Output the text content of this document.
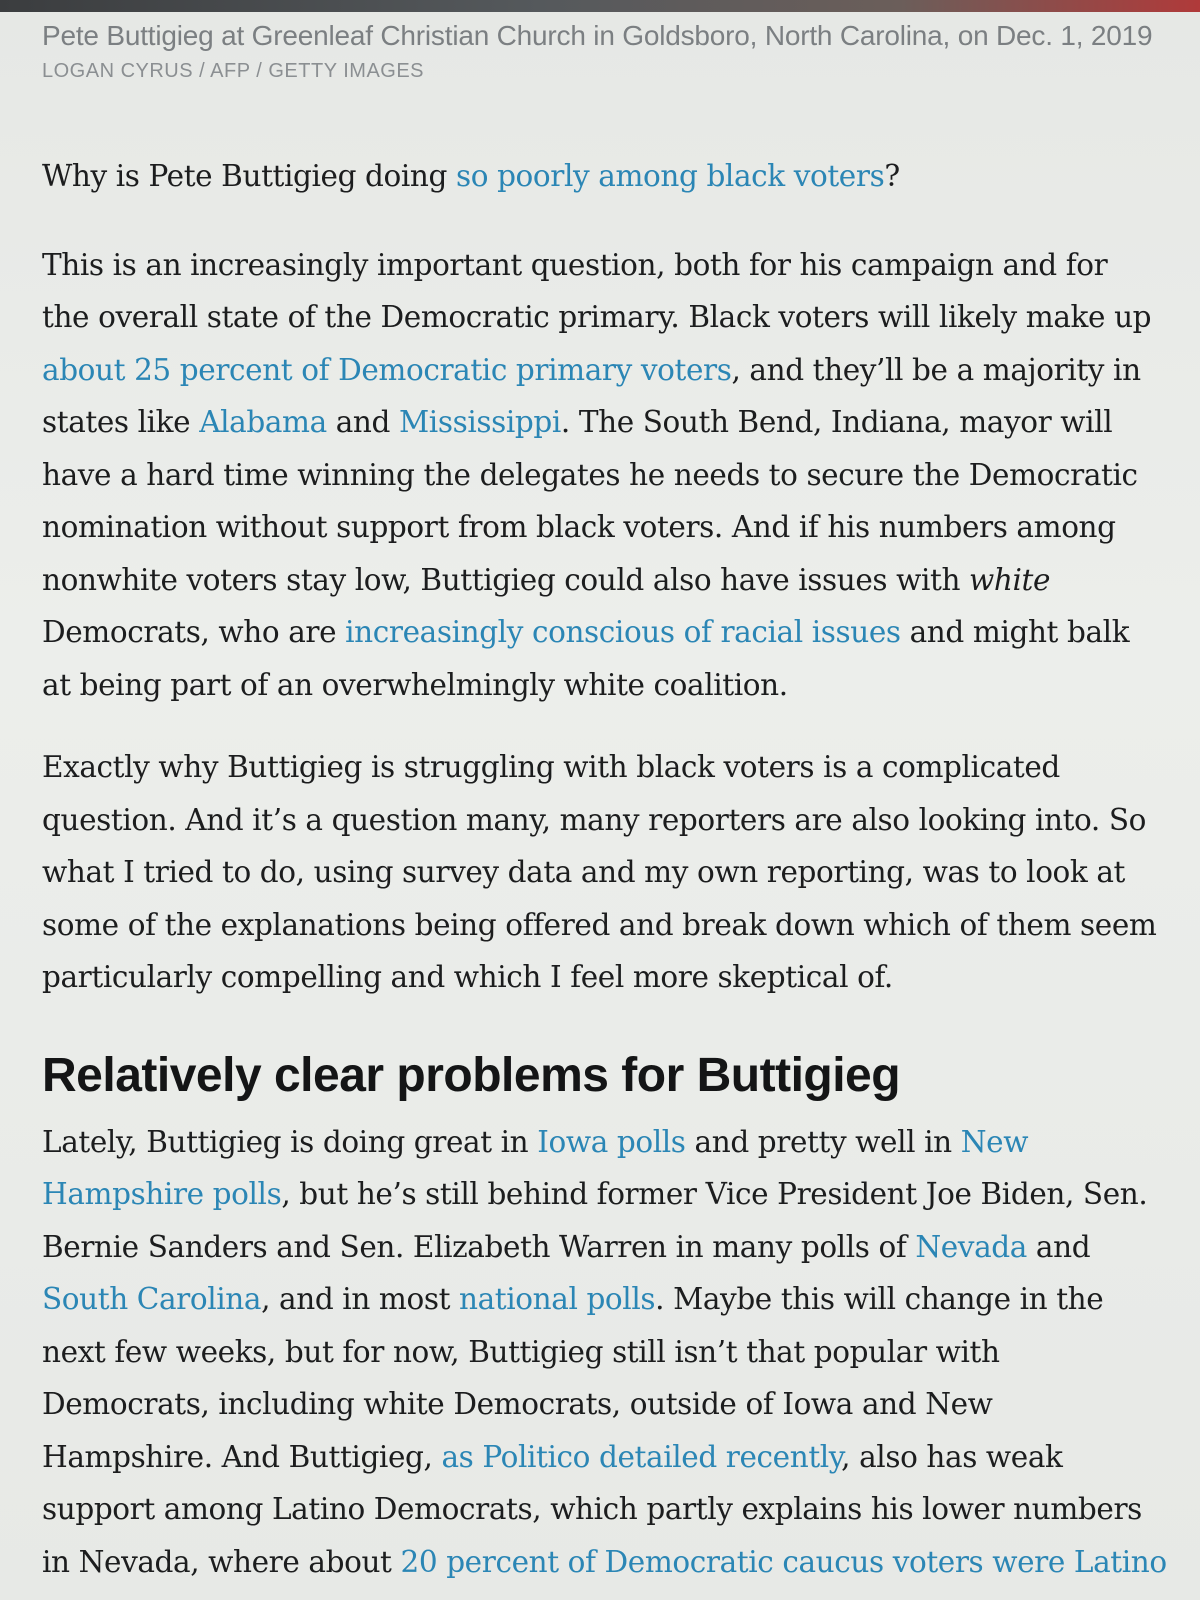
Pete Buttigieg at Greenleaf Christian Church in Goldsboro, North Carolina, on Dec. 1, 2019
LOGAN CYRUS / AFP / GETTY IMAGES

Why is Pete Buttigieg doing so poorly among black voters?

This is an increasingly important question, both for his campaign and for

the overall state of the Democratic primary. Black voters will likely make up

about 25 percent of Democratic primary voters, and they’ll be a majority in

states like Alabama and Mississippi. The South Bend, Indiana, mayor will

have a hard time winning the delegates he needs to secure the Democratic

nomination without support from black voters. And if his numbers among

nonwhite voters stay low, Buttigieg could also have issues with white

Democrats, who are increasingly conscious of racial issues and might balk

at being part of an overwhelmingly white coalition.

Exactly why Buttigieg is struggling with black voters is a complicated

question. And it’s a question many, many reporters are also looking into. So

what I tried to do, using survey data and my own reporting, was to look at

some of the explanations being offered and break down which of them seem

particularly compelling and which I feel more skeptical of.

Relatively clear problems for Buttigieg

Lately, Buttigieg is doing great in Iowa polls and pretty well in New

Hampshire polls, but he’s still behind former Vice President Joe Biden, Sen.

Bernie Sanders and Sen. Elizabeth Warren in many polls of Nevada and

South Carolina, and in most national polls. Maybe this will change in the

next few weeks, but for now, Buttigieg still isn’t that popular with

Democrats, including white Democrats, outside of Iowa and New

Hampshire. And Buttigieg, as Politico detailed recently, also has weak

support among Latino Democrats, which partly explains his lower numbers

in Nevada, where about 20 percent of Democratic caucus voters were Latino
